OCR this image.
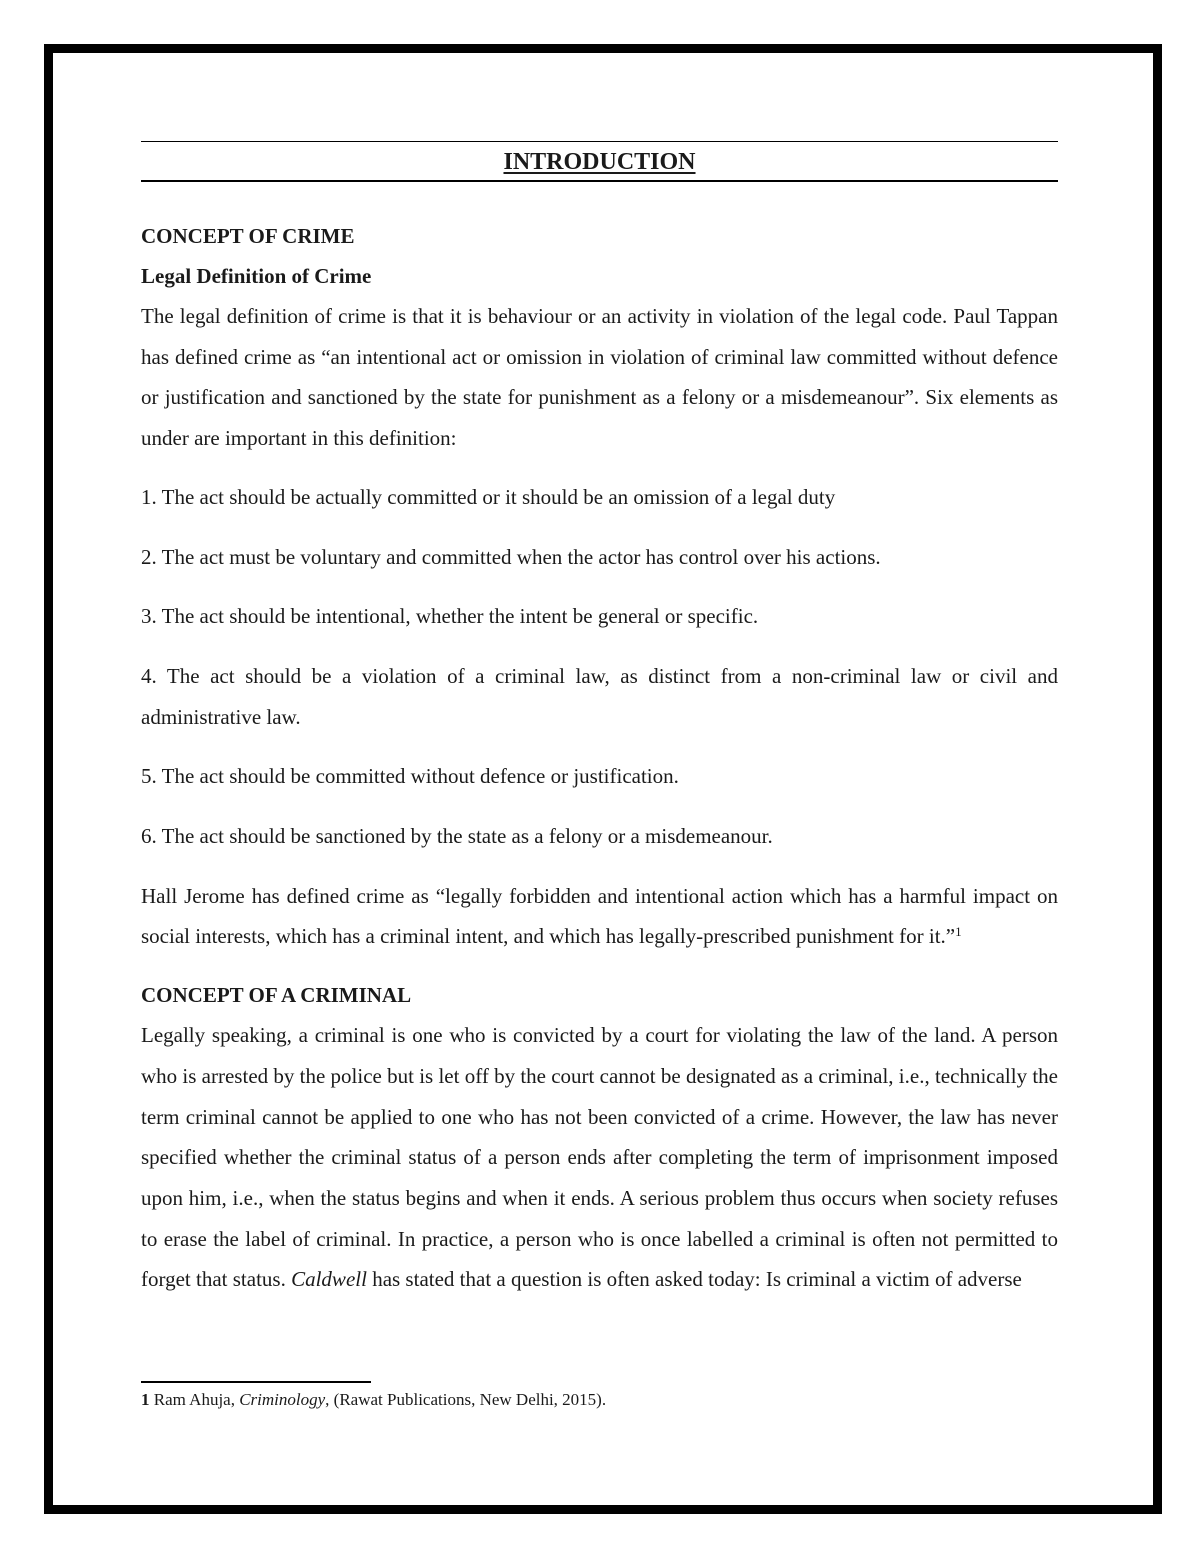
INTRODUCTION
CONCEPT OF CRIME
Legal Definition of Crime

The legal definition of crime is that it is behaviour or an activity in violation of the legal code. Paul Tappan has defined crime as “an intentional act or omission in violation of criminal law committed without defence or justification and sanctioned by the state for punishment as a felony or a misdemeanour”. Six elements as under are important in this definition:

1. The act should be actually committed or it should be an omission of a legal duty

2. The act must be voluntary and committed when the actor has control over his actions.

3. The act should be intentional, whether the intent be general or specific.

4. The act should be a violation of a criminal law, as distinct from a non-criminal law or civil and administrative law.

5. The act should be committed without defence or justification.

6. The act should be sanctioned by the state as a felony or a misdemeanour.

Hall Jerome has defined crime as “legally forbidden and intentional action which has a harmful impact on social interests, which has a criminal intent, and which has legally-prescribed punishment for it.”$^1$

CONCEPT OF A CRIMINAL

Legally speaking, a criminal is one who is convicted by a court for violating the law of the land. A person who is arrested by the police but is let off by the court cannot be designated as a criminal, i.e., technically the term criminal cannot be applied to one who has not been convicted of a crime. However, the law has never specified whether the criminal status of a person ends after completing the term of imprisonment imposed upon him, i.e., when the status begins and when it ends. A serious problem thus occurs when society refuses to erase the label of criminal. In practice, a person who is once labelled a criminal is often not permitted to forget that status. Caldwell has stated that a question is often asked today: Is criminal a victim of adverse

1 Ram Ahuja, Criminology, (Rawat Publications, New Delhi, 2015).
